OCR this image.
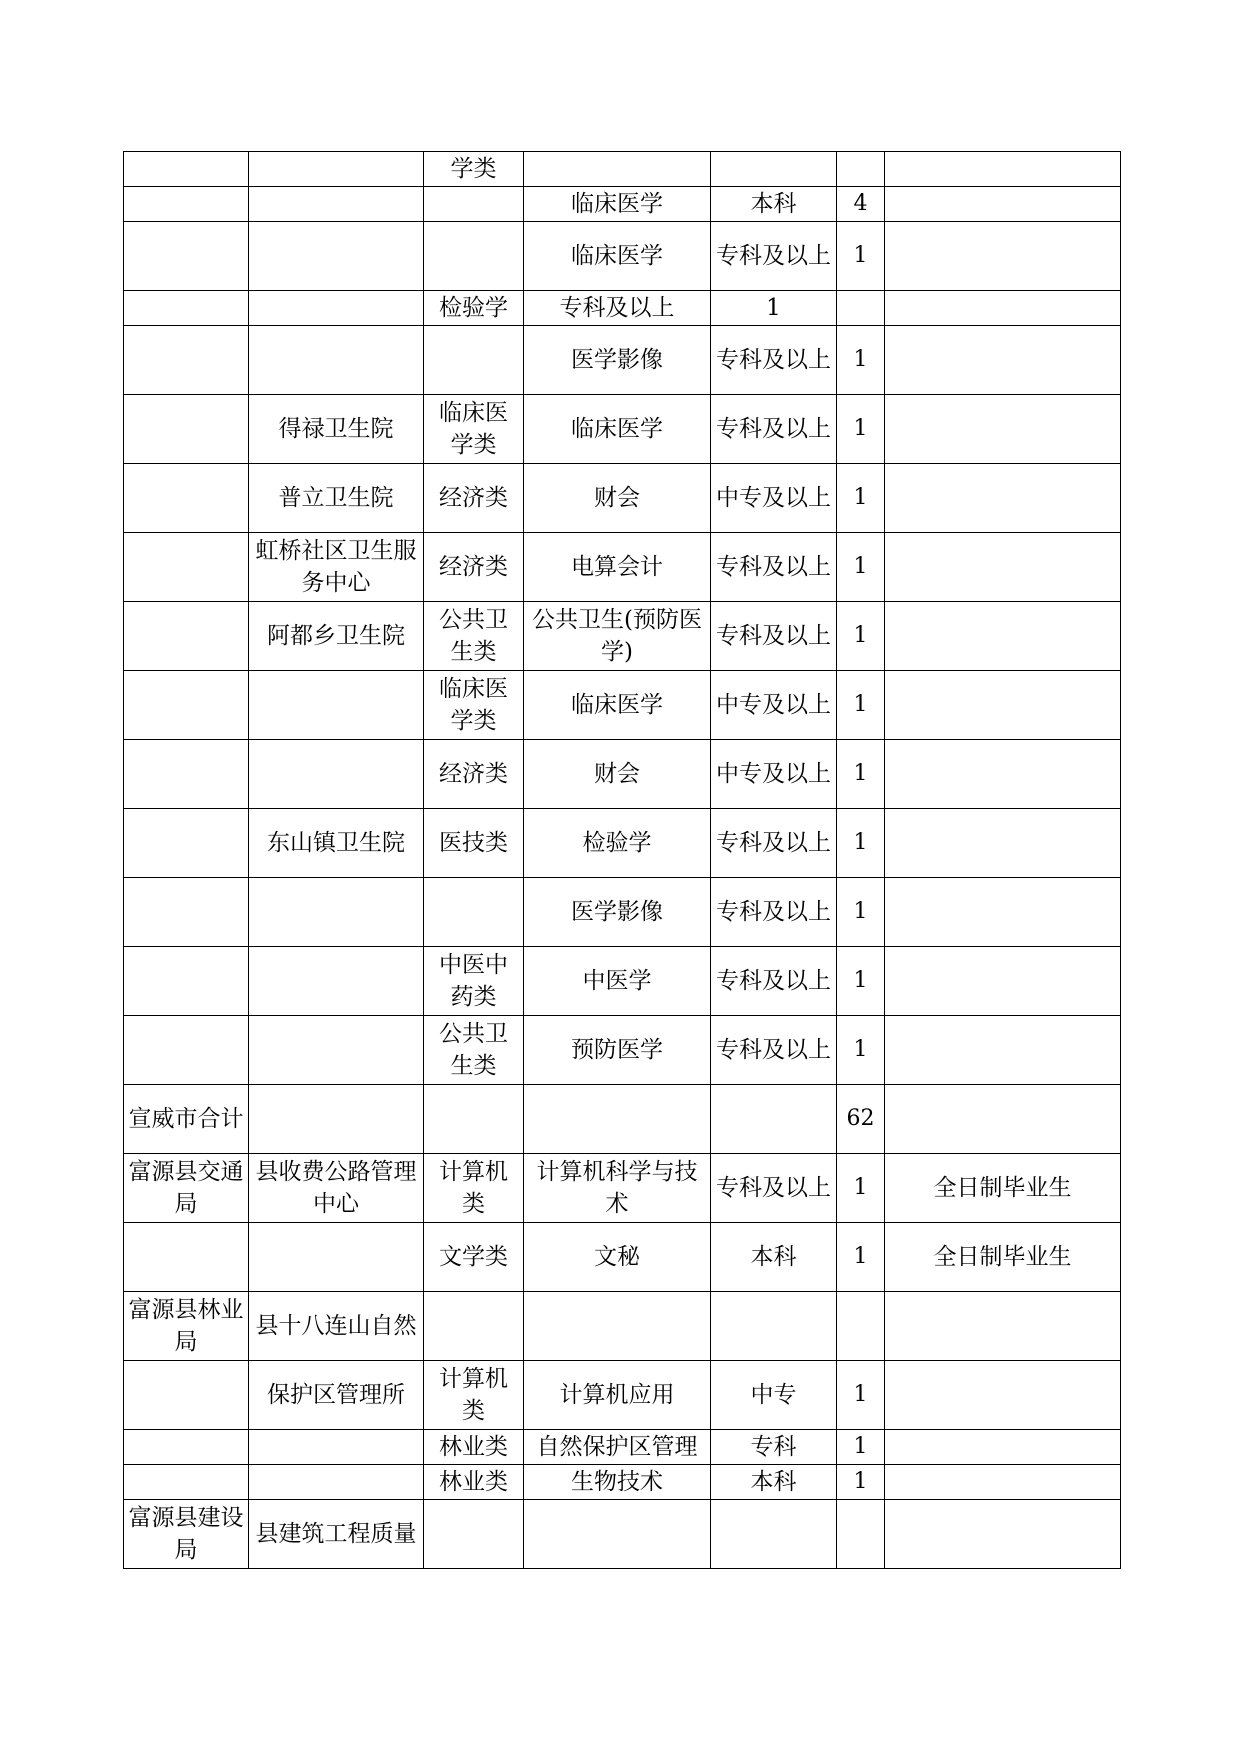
		学类				
			临床医学	本科	4	
			临床医学	专科及以上	1	
		检验学	专科及以上	1		
			医学影像	专科及以上	1	
	得禄卫生院	临床医学类	临床医学	专科及以上	1	
	普立卫生院	经济类	财会	中专及以上	1	
	虹桥社区卫生服务中心	经济类	电算会计	专科及以上	1	
	阿都乡卫生院	公共卫生类	公共卫生(预防医学)	专科及以上	1	
		临床医学类	临床医学	中专及以上	1	
		经济类	财会	中专及以上	1	
	东山镇卫生院	医技类	检验学	专科及以上	1	
			医学影像	专科及以上	1	
		中医中药类	中医学	专科及以上	1	
		公共卫生类	预防医学	专科及以上	1	
宣威市合计					62	
富源县交通局	县收费公路管理中心	计算机类	计算机科学与技术	专科及以上	1	全日制毕业生
		文学类	文秘	本科	1	全日制毕业生
富源县林业局	县十八连山自然					
	保护区管理所	计算机类	计算机应用	中专	1	
		林业类	自然保护区管理	专科	1	
		林业类	生物技术	本科	1	
富源县建设局	县建筑工程质量					
